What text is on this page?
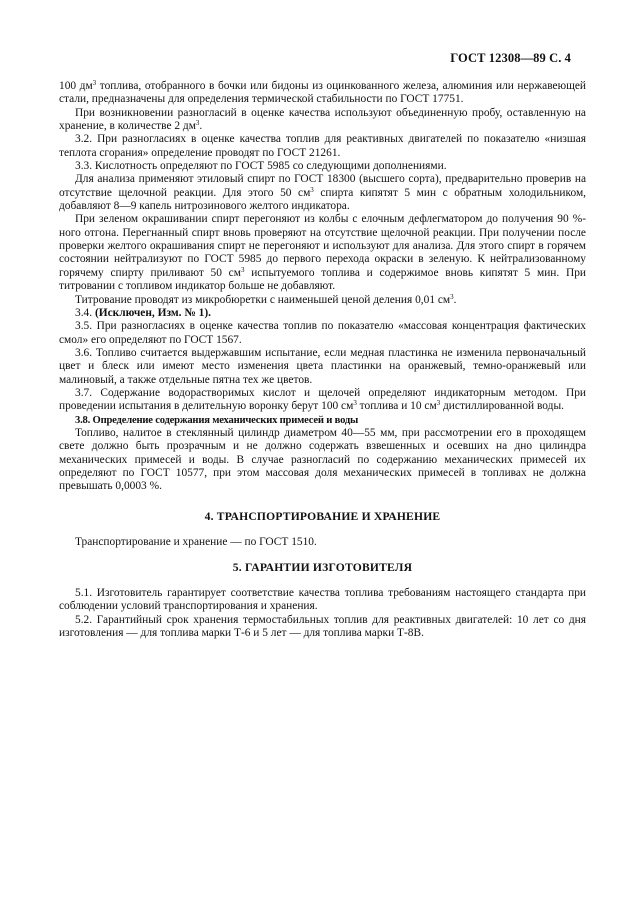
ГОСТ 12308—89 С. 4

100 $дм^3$ топлива, отобранного в бочки или бидоны из оцинкованного железа, алюминия или нержавеющей стали, предназначены для определения термической стабильности по ГОСТ 17751.

При возникновении разногласий в оценке качества используют объединенную пробу, оставленную на хранение, в количестве 2 $дм^3$.

3.2. При разногласиях в оценке качества топлив для реактивных двигателей по показателю «низшая теплота сгорания» определение проводят по ГОСТ 21261.

3.3. Кислотность определяют по ГОСТ 5985 со следующими дополнениями.

Для анализа применяют этиловый спирт по ГОСТ 18300 (высшего сорта), предварительно проверив на отсутствие щелочной реакции. Для этого 50 $см^3$ спирта кипятят 5 мин с обратным холодильником, добавляют 8—9 капель нитрозинового желтого индикатора.

При зеленом окрашивании спирт перегоняют из колбы с елочным дефлегматором до получения 90 %-ного отгона. Перегнанный спирт вновь проверяют на отсутствие щелочной реакции. При получении после проверки желтого окрашивания спирт не перегоняют и используют для анализа. Для этого спирт в горячем состоянии нейтрализуют по ГОСТ 5985 до первого перехода окраски в зеленую. К нейтрализованному горячему спирту приливают 50 $см^3$ испытуемого топлива и содержимое вновь кипятят 5 мин. При титровании с топливом индикатор больше не добавляют.

Титрование проводят из микробюретки с наименьшей ценой деления 0,01 $см^3$.

3.4. (Исключен, Изм. № 1).

3.5. При разногласиях в оценке качества топлив по показателю «массовая концентрация фактических смол» его определяют по ГОСТ 1567.

3.6. Топливо считается выдержавшим испытание, если медная пластинка не изменила первоначальный цвет и блеск или имеют место изменения цвета пластинки на оранжевый, темно-оранжевый или малиновый, а также отдельные пятна тех же цветов.

3.7. Содержание водорастворимых кислот и щелочей определяют индикаторным методом. При проведении испытания в делительную воронку берут 100 $см^3$ топлива и 10 $см^3$ дистиллированной воды.

3.8. Определение содержания механических примесей и воды

Топливо, налитое в стеклянный цилиндр диаметром 40—55 мм, при рассмотрении его в проходящем свете должно быть прозрачным и не должно содержать взвешенных и осевших на дно цилиндра механических примесей и воды. В случае разногласий по содержанию механических примесей их определяют по ГОСТ 10577, при этом массовая доля механических примесей в топливах не должна превышать 0,0003 %.

4. ТРАНСПОРТИРОВАНИЕ И ХРАНЕНИЕ

Транспортирование и хранение — по ГОСТ 1510.

5. ГАРАНТИИ ИЗГОТОВИТЕЛЯ

5.1. Изготовитель гарантирует соответствие качества топлива требованиям настоящего стандарта при соблюдении условий транспортирования и хранения.

5.2. Гарантийный срок хранения термостабильных топлив для реактивных двигателей: 10 лет со дня изготовления — для топлива марки Т-6 и 5 лет — для топлива марки Т-8В.
